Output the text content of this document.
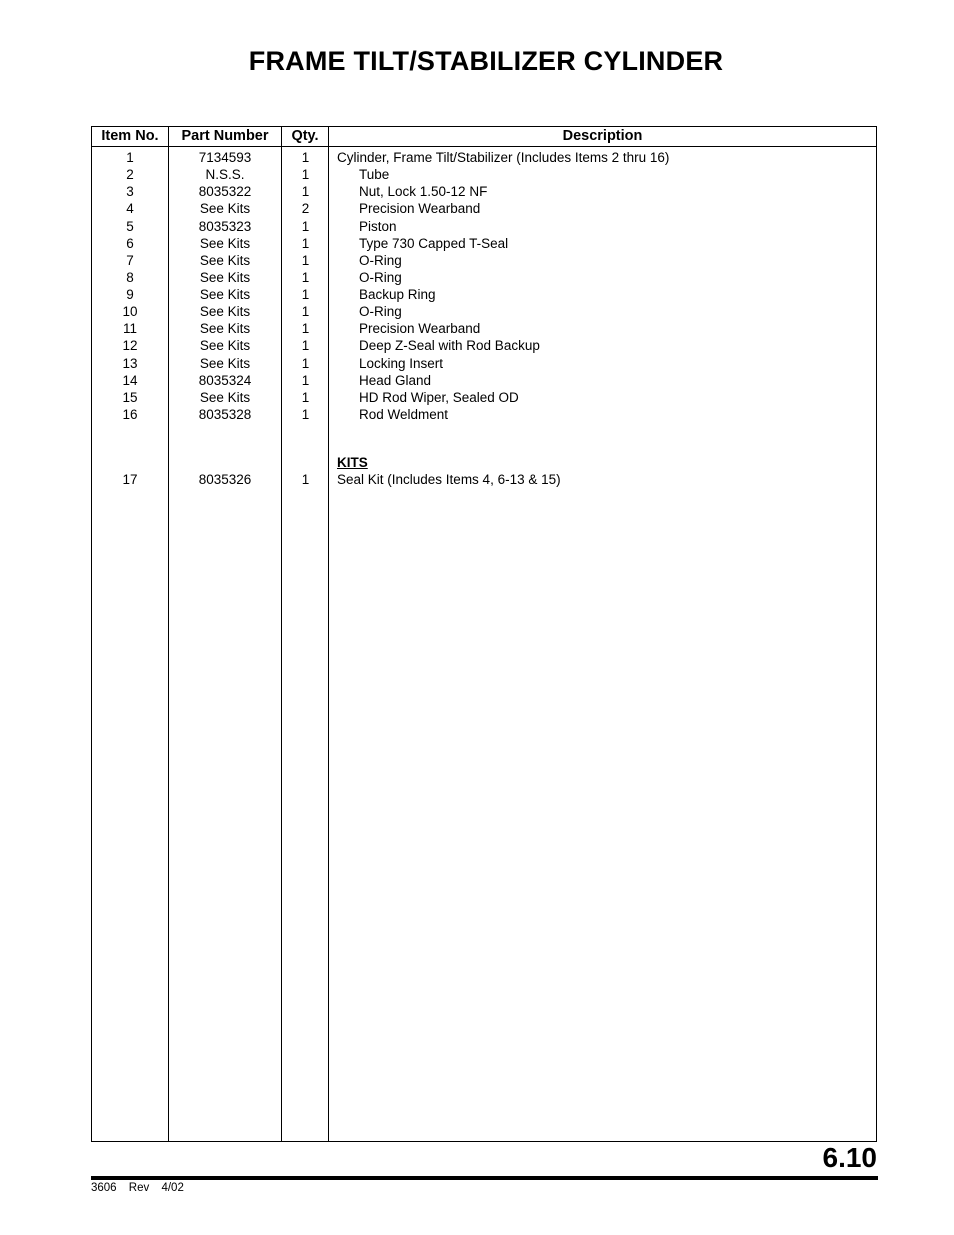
FRAME TILT/STABILIZER CYLINDER
Item No.	Part Number	Qty.	Description
1	7134593	1	Cylinder, Frame Tilt/Stabilizer (Includes Items 2 thru 16)
2	N.S.S.	1	Tube
3	8035322	1	Nut, Lock 1.50-12 NF
4	See Kits	2	Precision Wearband
5	8035323	1	Piston
6	See Kits	1	Type 730 Capped T-Seal
7	See Kits	1	O-Ring
8	See Kits	1	O-Ring
9	See Kits	1	Backup Ring
10	See Kits	1	O-Ring
11	See Kits	1	Precision Wearband
12	See Kits	1	Deep Z-Seal with Rod Backup
13	See Kits	1	Locking Insert
14	8035324	1	Head Gland
15	See Kits	1	HD Rod Wiper, Sealed OD
16	8035328	1	Rod Weldment
KITS
17	8035326	1	Seal Kit (Includes Items 4, 6-13 & 15)
6.10
3606 Rev 4/02
